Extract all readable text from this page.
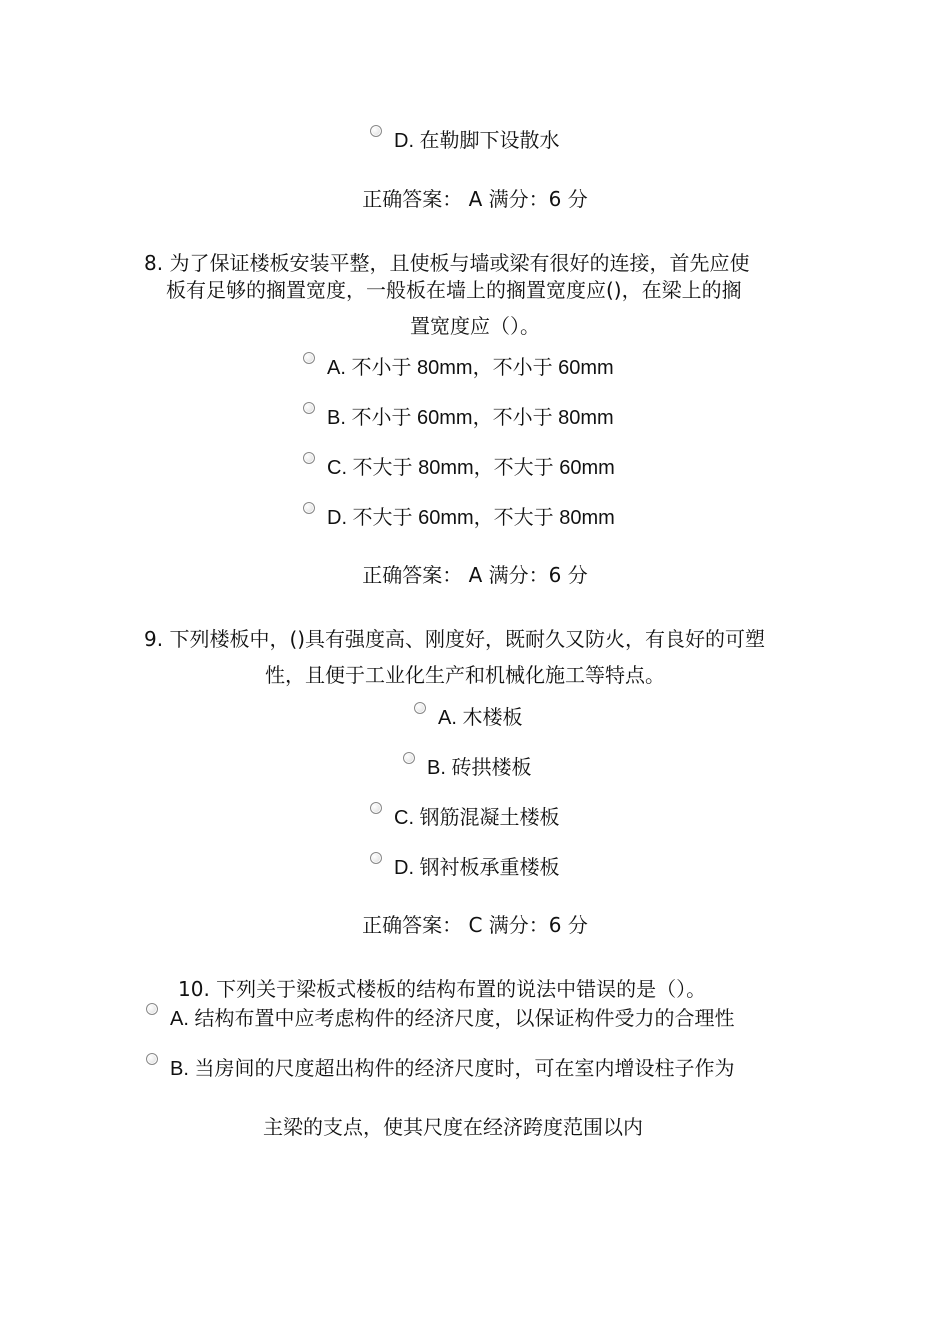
D. 在勒脚下设散水
正确答案： A 满分：6 分
8. 为了保证楼板安装平整，且使板与墙或梁有很好的连接，首先应使
板有足够的搁置宽度，一般板在墙上的搁置宽度应()，在梁上的搁
置宽度应（）。
A. 不小于 80mm，不小于 60mm
B. 不小于 60mm，不小于 80mm
C. 不大于 80mm，不大于 60mm
D. 不大于 60mm，不大于 80mm
正确答案： A 满分：6 分
9. 下列楼板中，()具有强度高、刚度好，既耐久又防火，有良好的可塑
性，且便于工业化生产和机械化施工等特点。
A. 木楼板
B. 砖拱楼板
C. 钢筋混凝土楼板
D. 钢衬板承重楼板
正确答案： C 满分：6 分
10. 下列关于梁板式楼板的结构布置的说法中错误的是（）。
A. 结构布置中应考虑构件的经济尺度，以保证构件受力的合理性
B. 当房间的尺度超出构件的经济尺度时，可在室内增设柱子作为
主梁的支点，使其尺度在经济跨度范围以内
